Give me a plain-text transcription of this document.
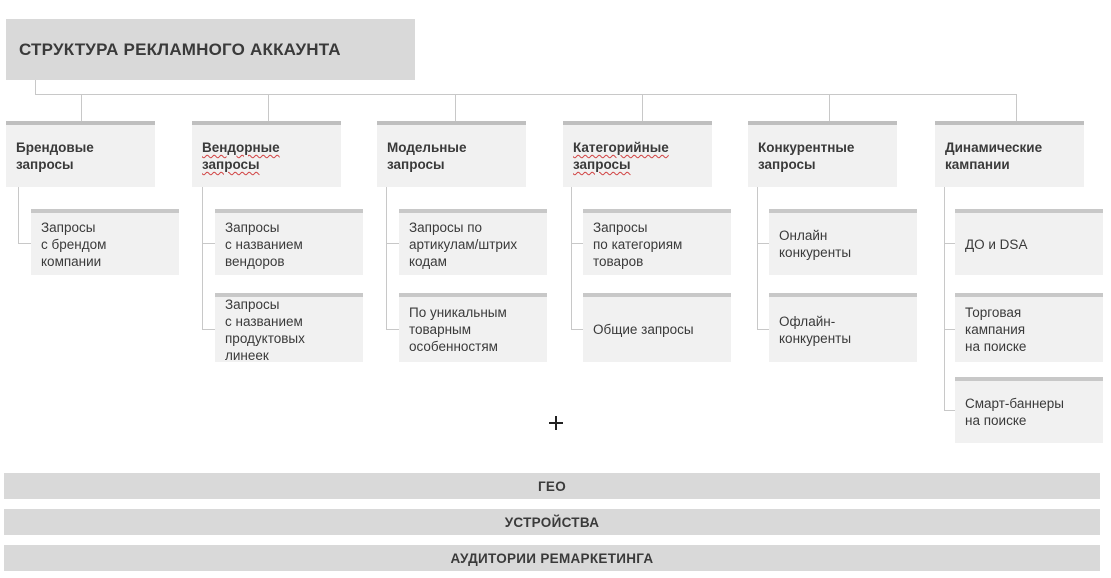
СТРУКТУРА РЕКЛАМНОГО АККАУНТА
Брендовые
запросы
Запросы
с брендом
компании
Вендорные
запросы
Запросы
с названием
вендоров
Запросы
с названием
продуктовых
линеек
Модельные
запросы
Запросы по
артикулам/штрих
кодам
По уникальным
товарным
особенностям
Категорийные
запросы
Запросы
по категориям
товаров
Общие запросы
Конкурентные
запросы
Онлайн
конкуренты
Офлайн-
конкуренты
Динамические
кампании
ДО и DSA
Торговая
кампания
на поиске
Смарт-баннеры
на поиске
ГЕО
УСТРОЙСТВА
АУДИТОРИИ РЕМАРКЕТИНГА
